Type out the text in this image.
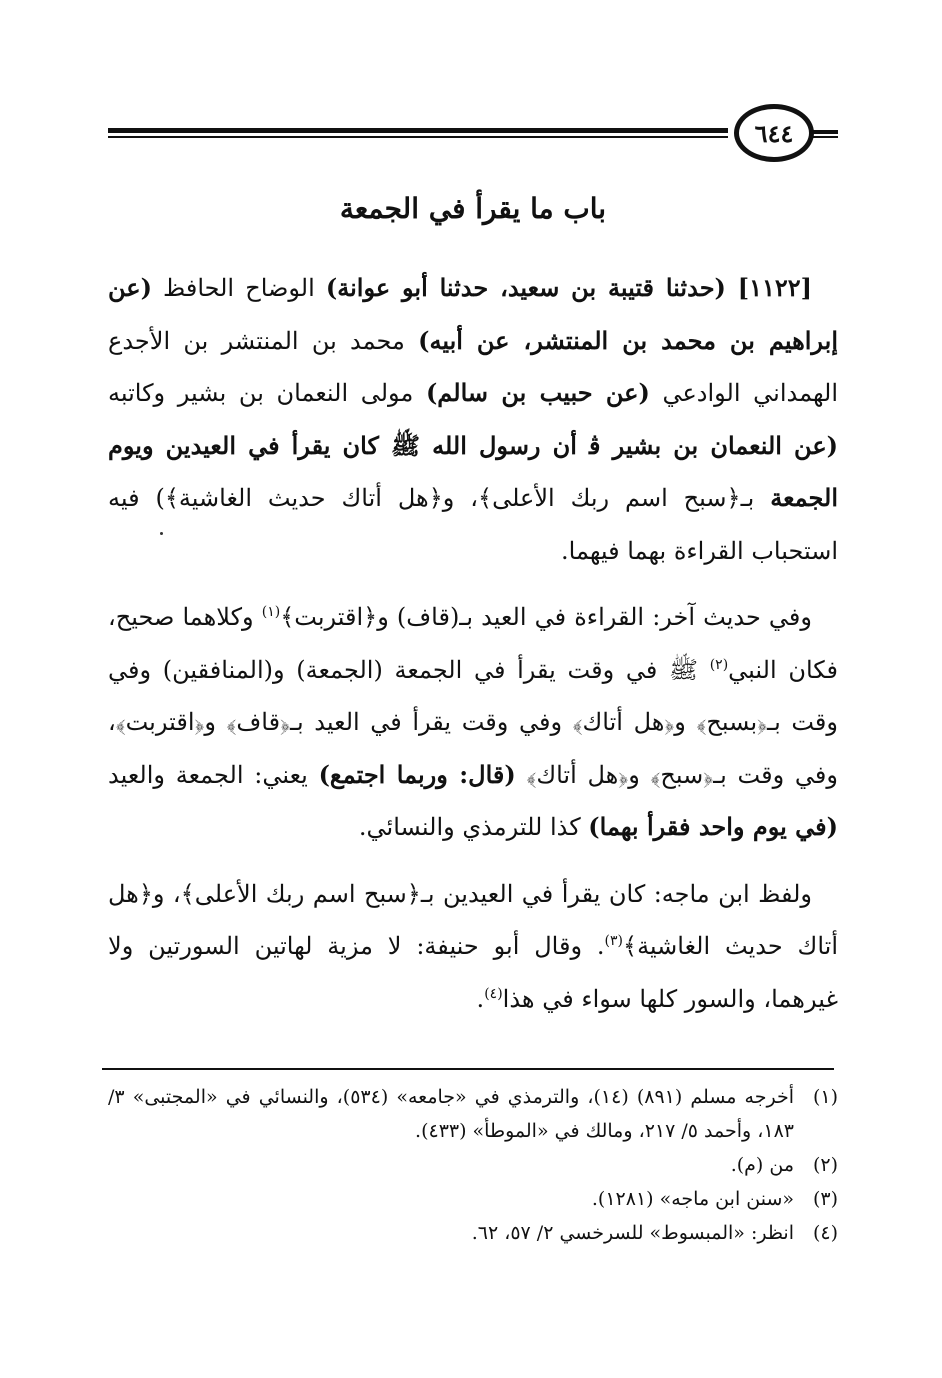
٦٤٤
باب ما يقرأ في الجمعة

[١١٢٢] (حدثنا قتيبة بن سعيد، حدثنا أبو عوانة) الوضاح الحافظ (عن إبراهيم بن محمد بن المنتشر، عن أبيه) محمد بن المنتشر بن الأجدع الهمداني الوادعي (عن حبيب بن سالم) مولى النعمان بن بشير وكاتبه (عن النعمان بن بشير ﭬ أن رسول الله ﷺ كان يقرأ في العيدين ويوم الجمعة بـ﴿سبح اسم ربك الأعلى﴾، و﴿هل أتاك حديث الغاشية﴾) فيه استحباب القراءة بهما فيهما.

وفي حديث آخر: القراءة في العيد بـ(قاف) و﴿اقتربت﴾$^{(١)}$ وكلاهما صحيح، فكان النبي$^{(٢)}$ ﷺ في وقت يقرأ في الجمعة (الجمعة) و(المنافقين) وفي وقت بـ﴿بسبح﴾ و﴿هل أتاك﴾ وفي وقت يقرأ في العيد بـ﴿قاف﴾ و﴿اقتربت﴾، وفي وقت بـ﴿سبح﴾ و﴿هل أتاك﴾ (قال: وربما اجتمع) يعني: الجمعة والعيد (في يوم واحد فقرأ بهما) كذا للترمذي والنسائي.

ولفظ ابن ماجه: كان يقرأ في العيدين بـ﴿سبح اسم ربك الأعلى﴾، و﴿هل أتاك حديث الغاشية﴾$^{(٣)}$. وقال أبو حنيفة: لا مزية لهاتين السورتين ولا غيرهما، والسور كلها سواء في هذا$^{(٤)}$.

(١)
أخرجه مسلم (٨٩١) (١٤)، والترمذي في «جامعه» (٥٣٤)، والنسائي في «المجتبى» ٣/ ١٨٣، وأحمد ٥/ ٢١٧، ومالك في «الموطأ» (٤٣٣).
(٢)
من (م).
(٣)
«سنن ابن ماجه» (١٢٨١).
(٤)
انظر: «المبسوط» للسرخسي ٢/ ٥٧، ٦٢.
